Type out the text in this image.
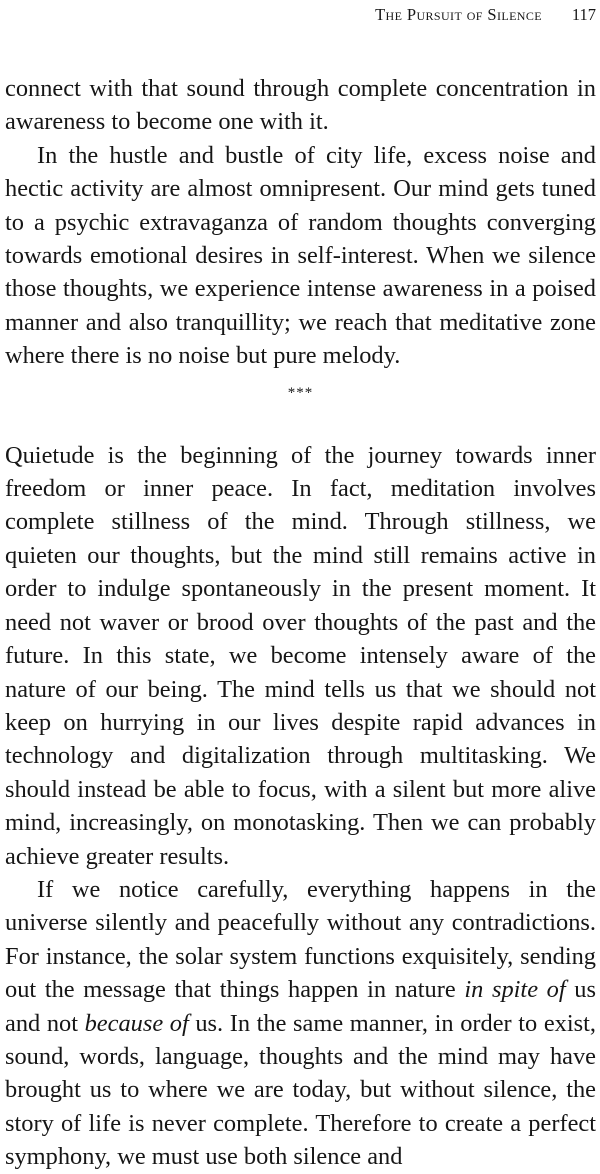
The Pursuit of Silence 117

connect with that sound through complete concentration in awareness to become one with it.

In the hustle and bustle of city life, excess noise and hectic activity are almost omnipresent. Our mind gets tuned to a psychic extravaganza of random thoughts converging towards emotional desires in self-interest. When we silence those thoughts, we experience intense awareness in a poised manner and also tranquillity; we reach that meditative zone where there is no noise but pure melody.

***

Quietude is the beginning of the journey towards inner freedom or inner peace. In fact, meditation involves complete stillness of the mind. Through stillness, we quieten our thoughts, but the mind still remains active in order to indulge spontaneously in the present moment. It need not waver or brood over thoughts of the past and the future. In this state, we become intensely aware of the nature of our being. The mind tells us that we should not keep on hurrying in our lives despite rapid advances in technology and digitalization through multitasking. We should instead be able to focus, with a silent but more alive mind, increasingly, on monotasking. Then we can probably achieve greater results.

If we notice carefully, everything happens in the universe silently and peacefully without any contradictions. For instance, the solar system functions exquisitely, sending out the message that things happen in nature in spite of us and not because of us. In the same manner, in order to exist, sound, words, language, thoughts and the mind may have brought us to where we are today, but without silence, the story of life is never complete. Therefore to create a perfect symphony, we must use both silence and
